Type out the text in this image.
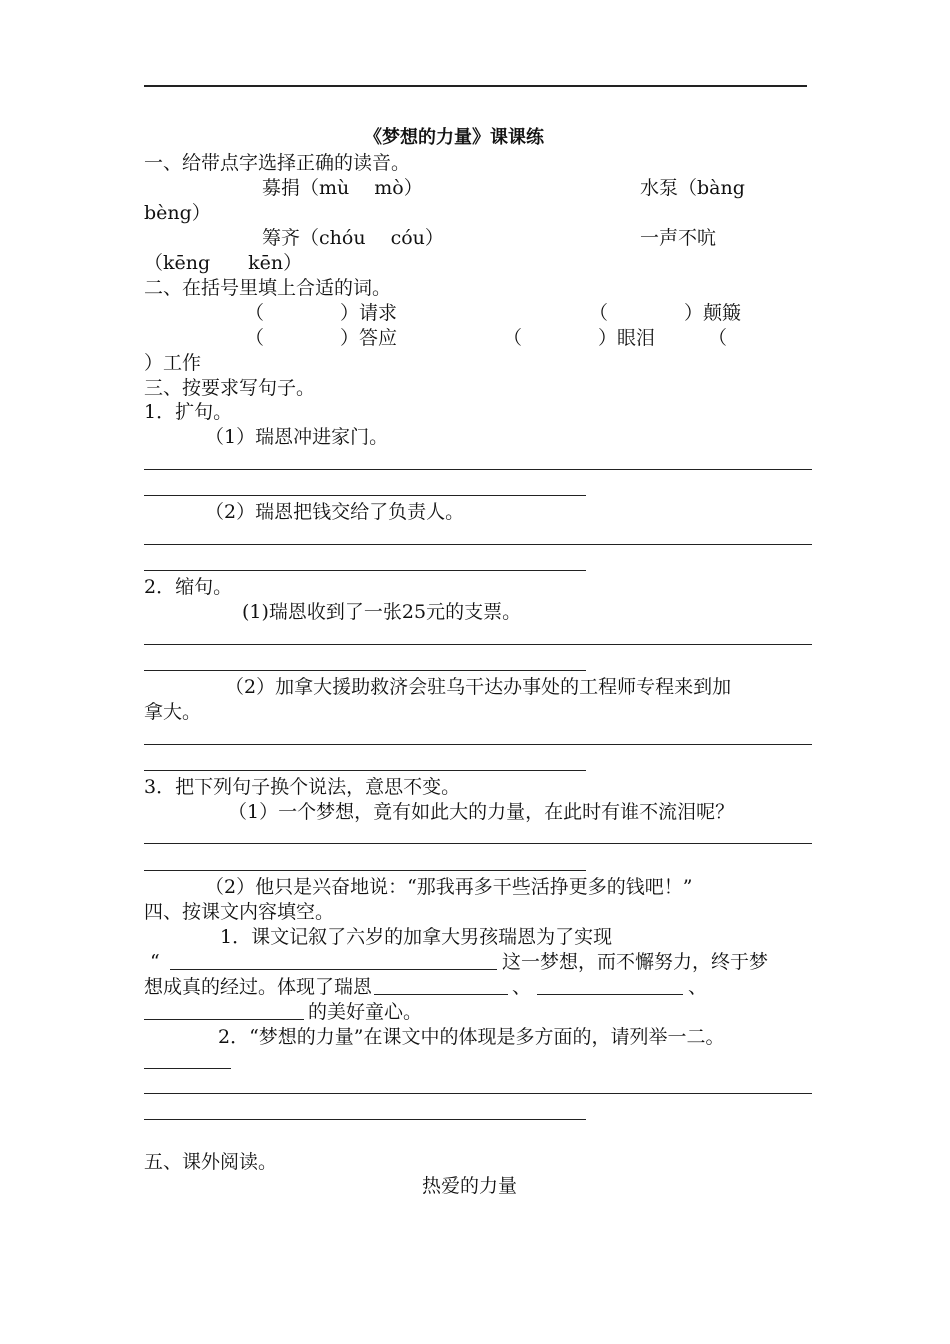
《梦想的力量》课课练
一、给带点字选择正确的读音。
募捐（mù　 mò）	水泵（bàng
bèng）
筹齐（chóu　 cóu）	一声不吭
（kēng　　kēn）
二、在括号里填上合适的词。
（　　　　）请求	（　　　　）颠簸
（　　　　）答应	（　　　　）眼泪	（
）工作
三、按要求写句子。
1．扩句。
（1）瑞恩冲进家门。
（2）瑞恩把钱交给了负责人。
2．缩句。
(1)瑞恩收到了一张25元的支票。
（2）加拿大援助救济会驻乌干达办事处的工程师专程来到加
拿大。
3．把下列句子换个说法，意思不变。
（1）一个梦想，竟有如此大的力量，在此时有谁不流泪呢？
（2）他只是兴奋地说：“那我再多干些活挣更多的钱吧！”
四、按课文内容填空。
1．课文记叙了六岁的加拿大男孩瑞恩为了实现
“	这一梦想，而不懈努力，终于梦
想成真的经过。体现了瑞恩	、	、
的美好童心。
2．“梦想的力量”在课文中的体现是多方面的，请列举一二。
五、课外阅读。
热爱的力量
